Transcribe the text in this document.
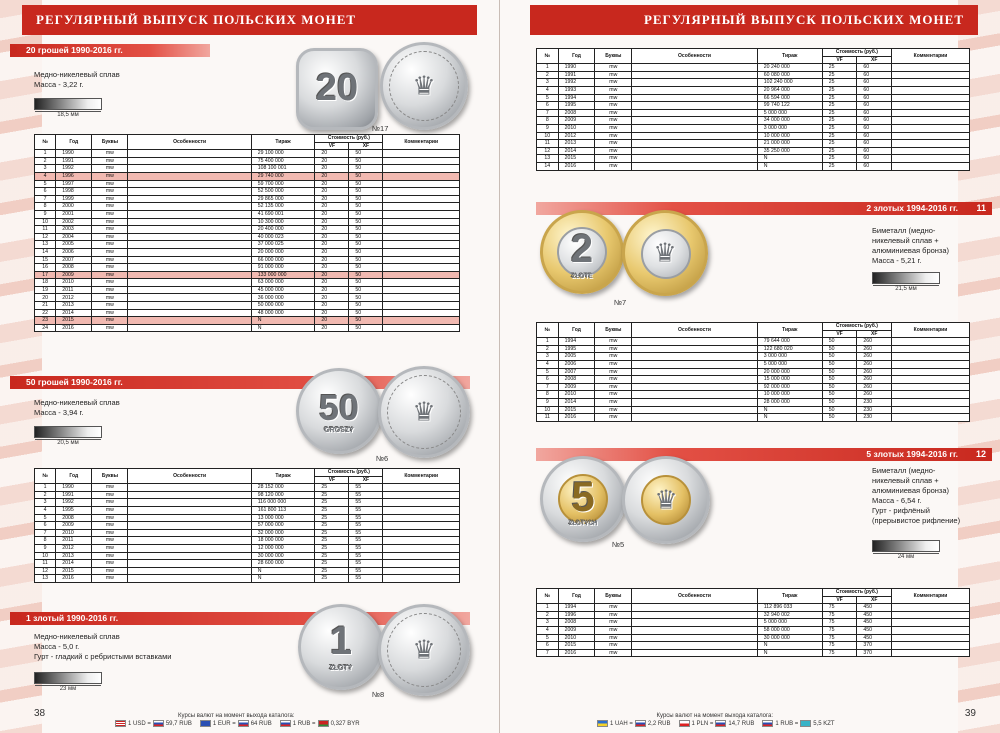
РЕГУЛЯРНЫЙ ВЫПУСК ПОЛЬСКИХ МОНЕТ
8 20 грошей 1990-2016 гг.
Медно-никелевый сплав
Масса - 3,22 г.
18,5 мм
20	♛
№17
№	Год	Буквы	Особенности	Тираж	Стоимость (руб.)		Комментарии
					VF	XF	
1	1990	mw		29 100 000	20	50	
2	1991	mw		75 400 000	20	50	
3	1992	mw		108 100 001	20	50	
4	1996	mw		29 740 000	20	50	
5	1997	mw		59 700 000	20	50	
6	1998	mw		52 500 000	20	50	
7	1999	mw		29 865 000	20	50	
8	2000	mw		52 135 000	20	50	
9	2001	mw		41 690 001	20	50	
10	2002	mw		10 300 000	20	50	
11	2003	mw		20 400 000	20	50	
12	2004	mw		40 000 023	20	50	
13	2005	mw		37 000 025	20	50	
14	2006	mw		20 000 000	20	50	
15	2007	mw		66 000 000	20	50	
16	2008	mw		91 000 000	20	50	
17	2009	mw		133 000 000	20	50	
18	2010	mw		63 000 000	20	50	
19	2011	mw		45 000 000	20	50	
20	2012	mw		36 000 000	20	50	
21	2013	mw		50 000 000	20	50	
22	2014	mw		48 000 000	20	50	
23	2015	mw		N	20	50	
24	2016	mw		N	20	50	
9 50 грошей 1990-2016 гг.
Медно-никелевый сплав
Масса - 3,94 г.
20,5 мм
50
GROSZY
♛
№6
№	Год	Буквы	Особенности	Тираж	Стоимость (руб.)		Комментарии
					VF	XF	
1	1990	mw		28 152 000	25	55	
2	1991	mw		98 120 000	25	55	
3	1992	mw		116 000 000	25	55	
4	1995	mw		161 800 113	25	55	
5	2008	mw		13 000 000	25	55	
6	2009	mw		57 000 000	25	55	
7	2010	mw		32 000 000	25	55	
8	2011	mw		18 000 000	25	55	
9	2012	mw		12 000 000	25	55	
10	2013	mw		30 000 000	25	55	
11	2014	mw		28 600 000	25	55	
12	2015	mw		N	25	55	
13	2016	mw		N	25	55	
10 1 злотый 1990-2016 гг.
Медно-никелевый сплав
Масса - 5,0 г.
Гурт - гладкий с ребристыми вставками
23 мм
1
ZŁOTY
♛
№8
38	Курсы валют на момент выхода каталога:
1 USD =	59,7 RUB	1 EUR =	64 RUB	1 RUB =	0,327 BYR
РЕГУЛЯРНЫЙ ВЫПУСК ПОЛЬСКИХ МОНЕТ
№	Год	Буквы	Особенности	Тираж	Стоимость (руб.)		Комментарии
					VF	XF	
1	1990	mw		20 240 000	25	60	
2	1991	mw		60 080 000	25	60	
3	1992	mw		102 240 000	25	60	
4	1993	mw		20 964 000	25	60	
5	1994	mw		66 594 000	25	60	
6	1995	mw		99 740 122	25	60	
7	2008	mw		5 000 000	25	60	
8	2009	mw		34 000 000	25	60	
9	2010	mw		3 000 000	25	60	
10	2012	mw		10 000 000	25	60	
11	2013	mw		21 000 000	25	60	
12	2014	mw		35 250 000	25	60	
13	2015	mw		N	25	60	
14	2016	mw		N	25	60	
2 злотых 1994-2016 гг. 11
2
ZŁOTE
♛
№7
Биметалл (медно-
никелевый сплав +
алюминиевая бронза)
Масса - 5,21 г.
21,5 мм
№	Год	Буквы	Особенности	Тираж	Стоимость (руб.)		Комментарии
					VF	XF	
1	1994	mw		79 644 000	50	260	
2	1995	mw		122 680 020	50	260	
3	2005	mw		3 000 000	50	260	
4	2006	mw		5 000 000	50	260	
5	2007	mw		20 000 000	50	260	
6	2008	mw		15 000 000	50	260	
7	2009	mw		92 000 000	50	260	
8	2010	mw		10 000 000	50	260	
9	2014	mw		28 000 000	50	230	
10	2015	mw		N	50	230	
11	2016	mw		N	50	230	
5 злотых 1994-2016 гг. 12
5
ZŁOTYCH
♛
№5
Биметалл (медно-
никелевый сплав +
алюминиевая бронза)
Масса - 6,54 г.
Гурт - рифлёный
(прерывистое рифление)
24 мм
№	Год	Буквы	Особенности	Тираж	Стоимость (руб.)		Комментарии
					VF	XF	
1	1994	mw		112 896 033	75	450	
2	1996	mw		32 940 002	75	450	
3	2008	mw		5 000 000	75	450	
4	2009	mw		58 000 000	75	450	
5	2010	mw		30 000 000	75	450	
6	2015	mw		N	75	370	
7	2016	mw		N	75	370	
39
Курсы валют на момент выхода каталога:
1 UAH =	2,2 RUB	1 PLN =	14,7 RUB	1 RUB =	5,5 KZT
